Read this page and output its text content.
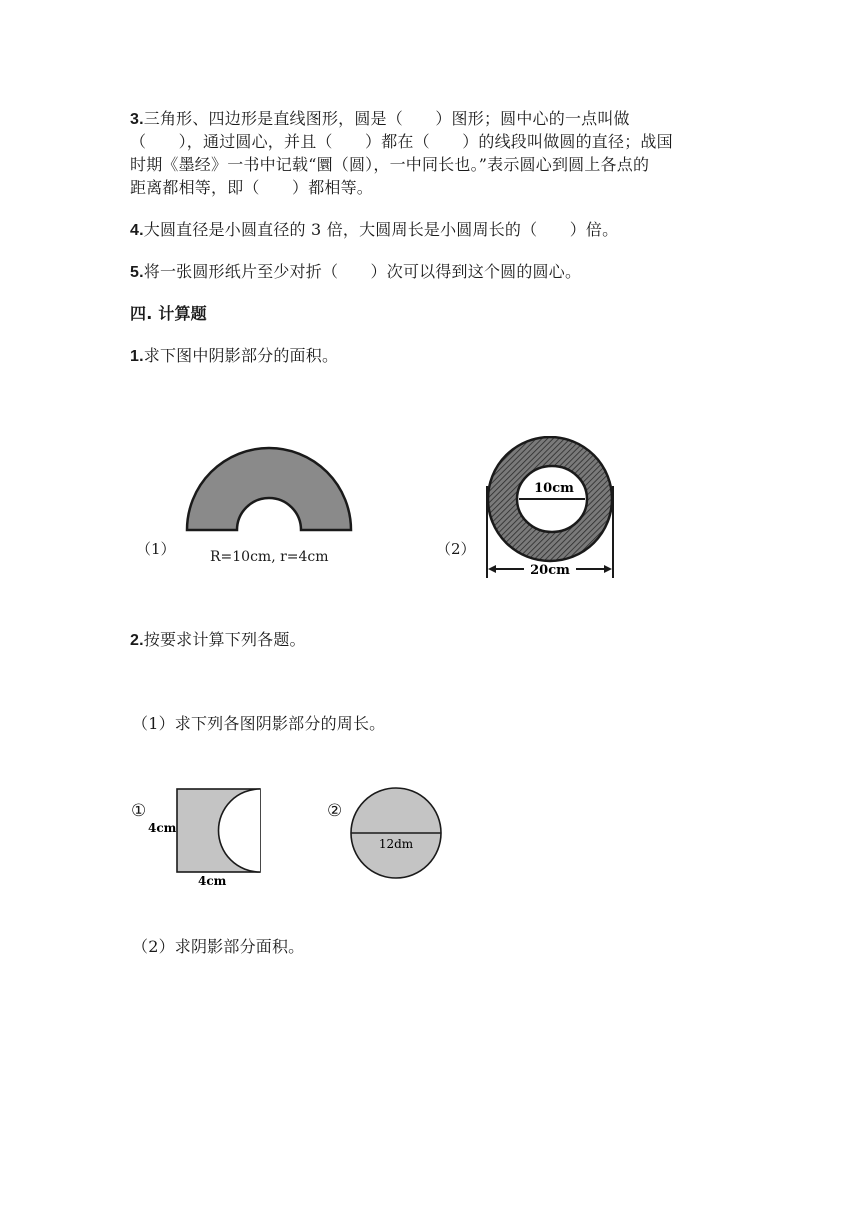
3.三角形、四边形是直线图形，圆是（　　）图形；圆中心的一点叫做
（　　），通过圆心，并且（　　）都在（　　）的线段叫做圆的直径；战国
时期《墨经》一书中记载“圜（圆），一中同长也。”表示圆心到圆上各点的
距离都相等，即（　　）都相等。
4.大圆直径是小圆直径的 3 倍，大圆周长是小圆周长的（　　）倍。
5.将一张圆形纸片至少对折（　　）次可以得到这个圆的圆心。
四. 计算题
1.求下图中阴影部分的面积。
（1） R=10cm, r=4cm	（2）
10cm
20cm
2.按要求计算下列各题。
（1）求下列各图阴影部分的周长。
①
4cm
4cm
②
12dm
（2）求阴影部分面积。
